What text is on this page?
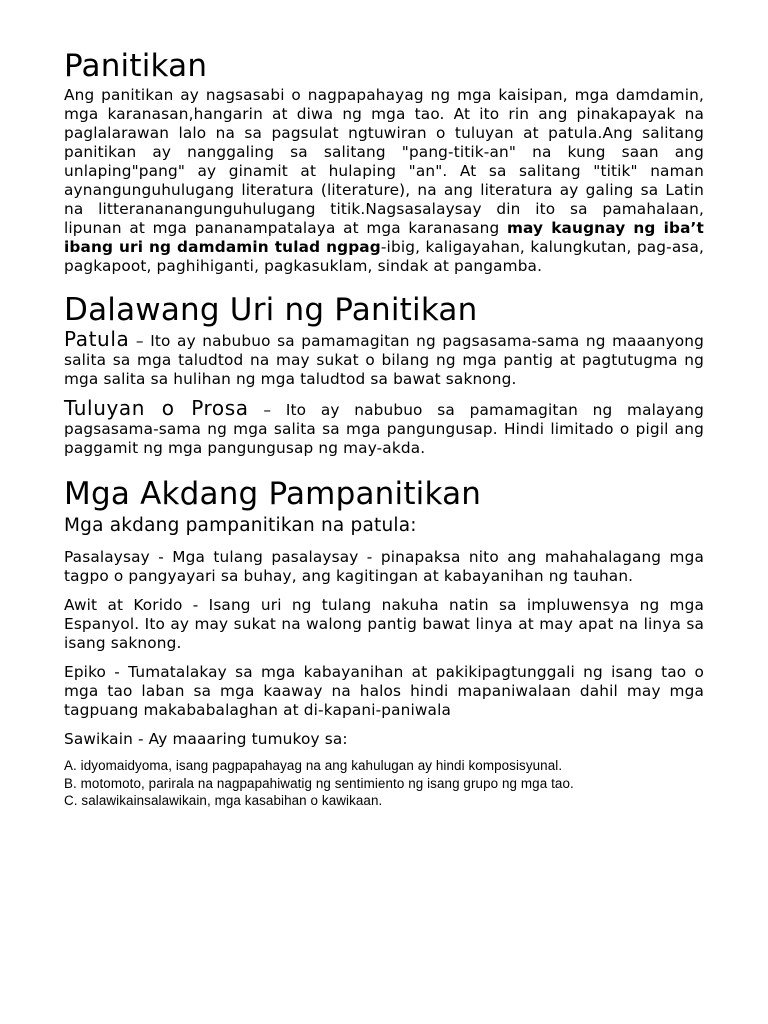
Panitikan

Ang panitikan ay nagsasabi o nagpapahayag ng mga kaisipan, mga damdamin, mga karanasan,hangarin at diwa ng mga tao. At ito rin ang pinakapayak na paglalarawan lalo na sa pagsulat ngtuwiran o tuluyan at patula.Ang salitang panitikan ay nanggaling sa salitang "pang-titik-an" na kung saan ang unlaping"pang" ay ginamit at hulaping "an". At sa salitang "titik" naman aynangunguhulugang literatura (literature), na ang literatura ay galing sa Latin na litterananangunguhulugang titik.Nagsasalaysay din ito sa pamahalaan, lipunan at mga pananampatalaya at mga karanasang may kaugnay ng iba’t ibang uri ng damdamin tulad ngpag-ibig, kaligayahan, kalungkutan, pag-asa, pagkapoot, paghihiganti, pagkasuklam, sindak at pangamba.

Dalawang Uri ng Panitikan

Patula – Ito ay nabubuo sa pamamagitan ng pagsasama-sama ng maaanyong salita sa mga taludtod na may sukat o bilang ng mga pantig at pagtutugma ng mga salita sa hulihan ng mga taludtod sa bawat saknong.

Tuluyan o Prosa – Ito ay nabubuo sa pamamagitan ng malayang pagsasama-sama ng mga salita sa mga pangungusap. Hindi limitado o pigil ang paggamit ng mga pangungusap ng may-akda.

Mga Akdang Pampanitikan
Mga akdang pampanitikan na patula:

Pasalaysay - Mga tulang pasalaysay - pinapaksa nito ang mahahalagang mga tagpo o pangyayari sa buhay, ang kagitingan at kabayanihan ng tauhan.

Awit at Korido - Isang uri ng tulang nakuha natin sa impluwensya ng mga Espanyol. Ito ay may sukat na walong pantig bawat linya at may apat na linya sa isang saknong.

Epiko - Tumatalakay sa mga kabayanihan at pakikipagtunggali ng isang tao o mga tao laban sa mga kaaway na halos hindi mapaniwalaan dahil may mga tagpuang makababalaghan at di-kapani-paniwala

Sawikain - Ay maaaring tumukoy sa:

A. idyomaidyoma, isang pagpapahayag na ang kahulugan ay hindi komposisyunal.
B. motomoto, parirala na nagpapahiwatig ng sentimiento ng isang grupo ng mga tao.
C. salawikainsalawikain, mga kasabihan o kawikaan.
